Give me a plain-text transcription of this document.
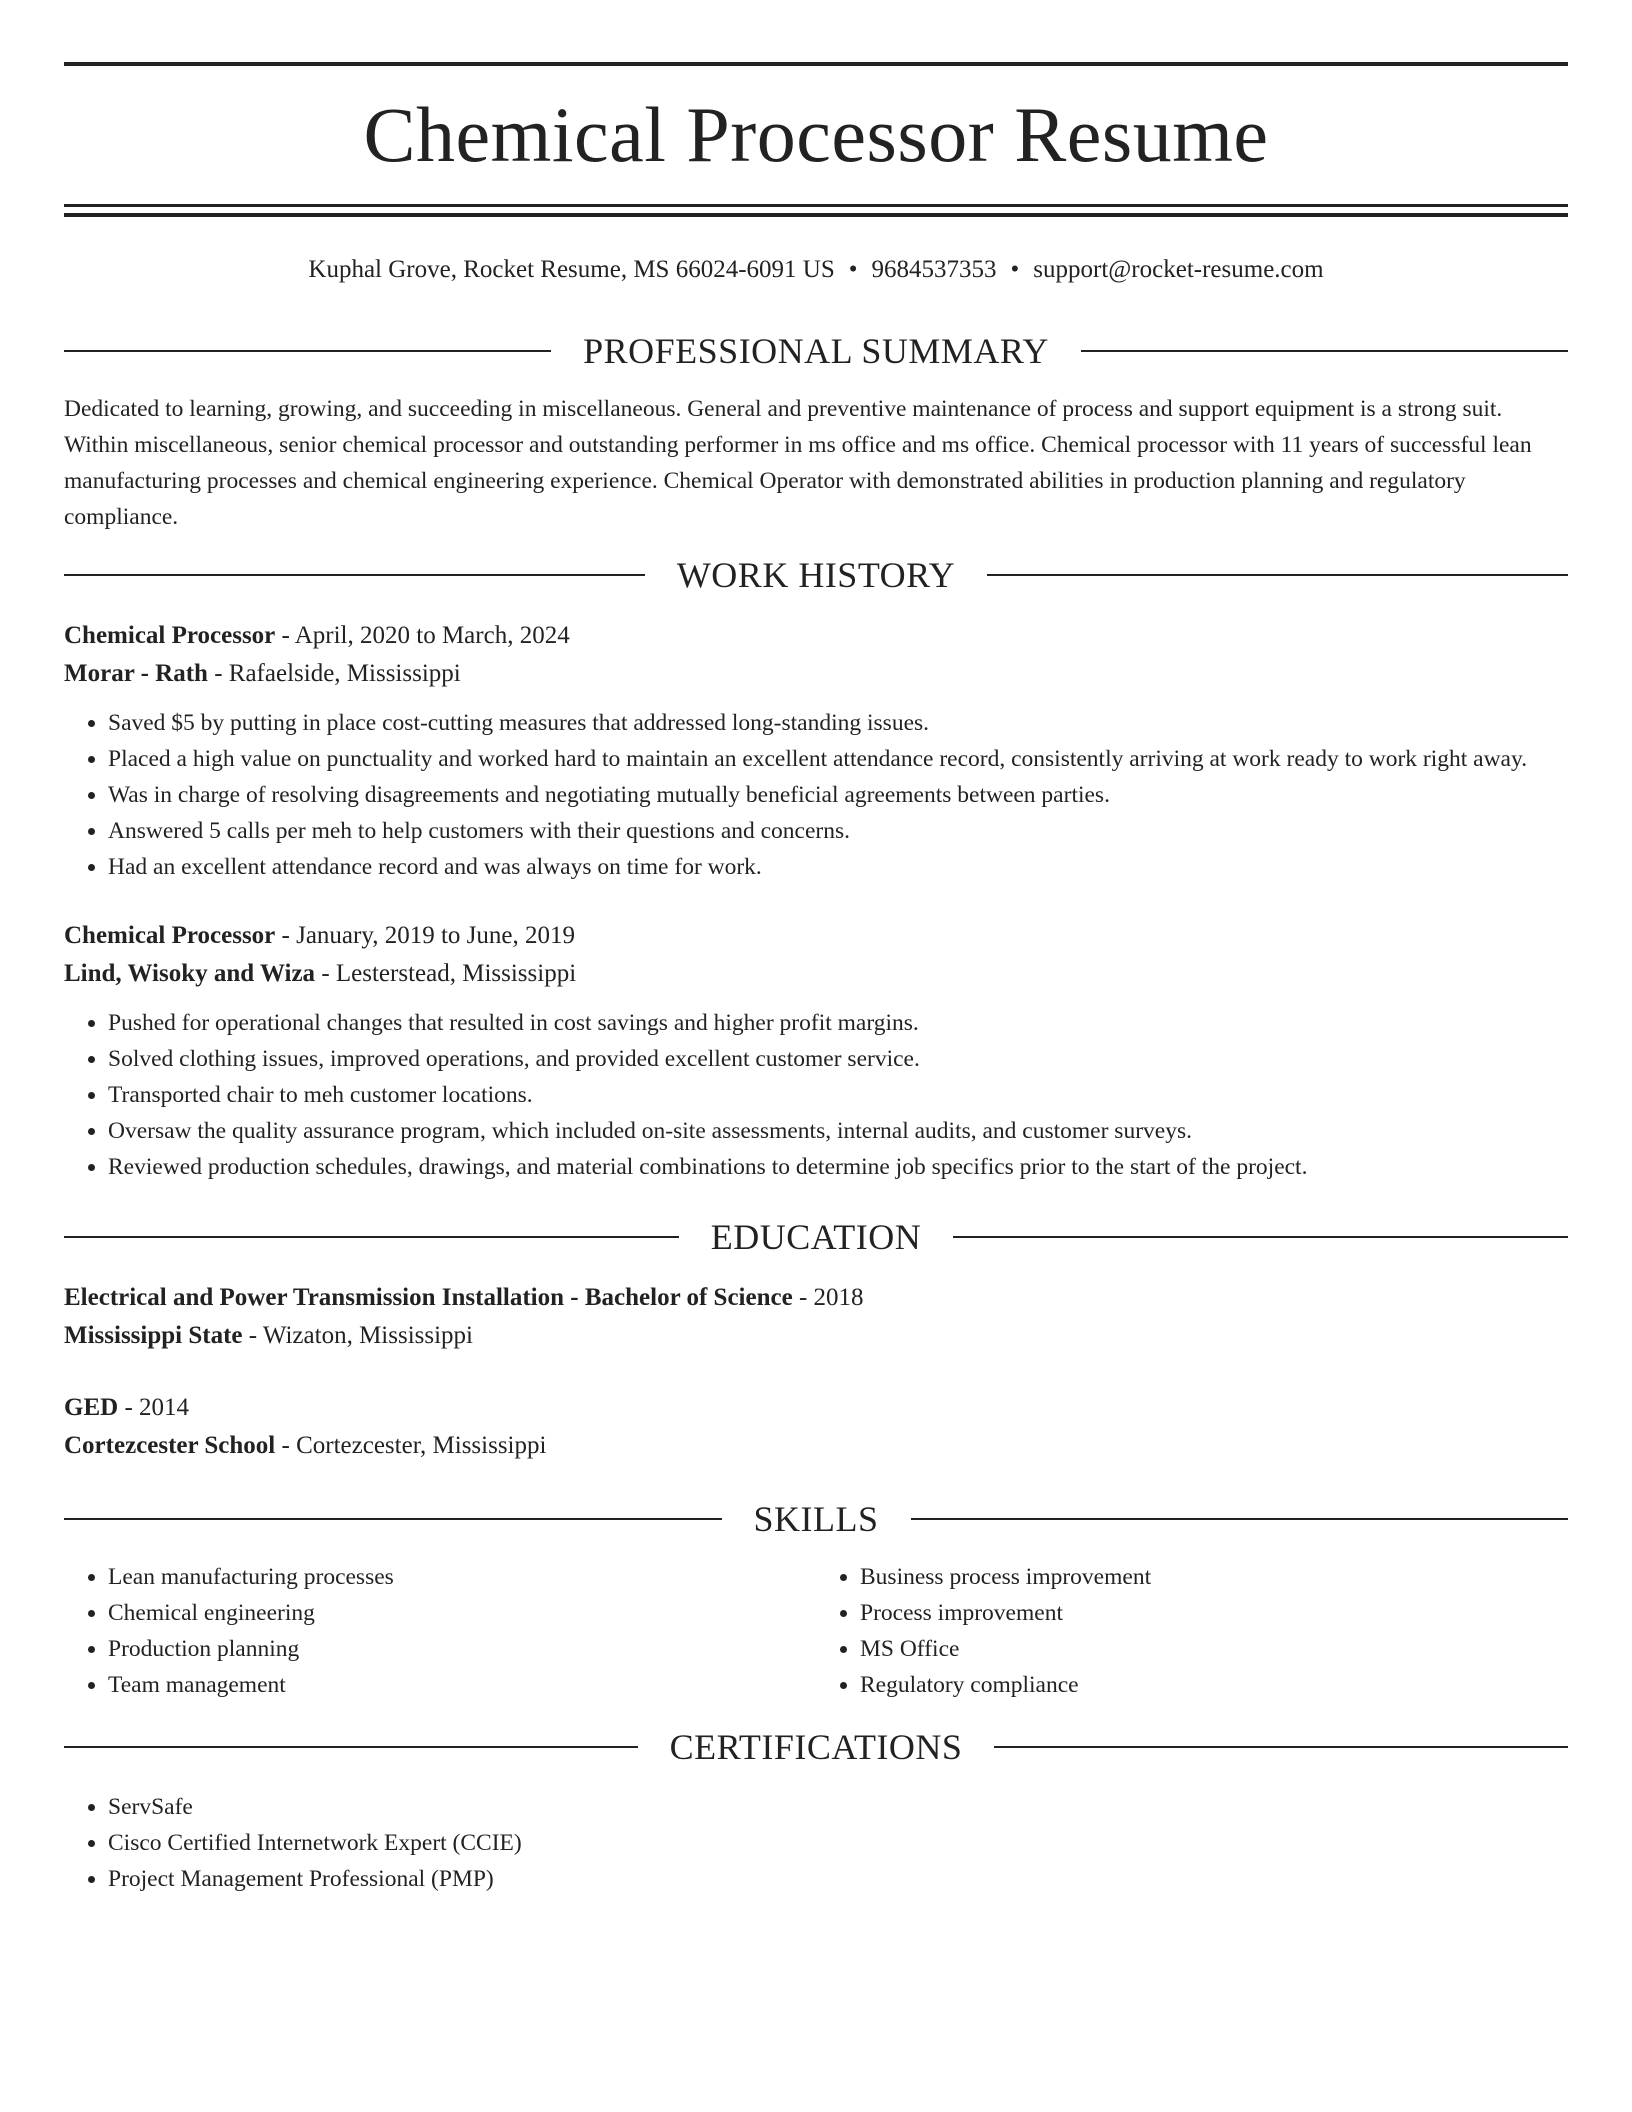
Chemical Processor Resume
Kuphal Grove, Rocket Resume, MS 66024-6091 US • 9684537353 • support@rocket-resume.com
PROFESSIONAL SUMMARY

Dedicated to learning, growing, and succeeding in miscellaneous. General and preventive maintenance of process and support equipment is a strong suit. Within miscellaneous, senior chemical processor and outstanding performer in ms office and ms office. Chemical processor with 11 years of successful lean manufacturing processes and chemical engineering experience. Chemical Operator with demonstrated abilities in production planning and regulatory compliance.

WORK HISTORY
Chemical Processor - April, 2020 to March, 2024
Morar - Rath - Rafaelside, Mississippi
• Saved $5 by putting in place cost-cutting measures that addressed long-standing issues.
• Placed a high value on punctuality and worked hard to maintain an excellent attendance record, consistently arriving at work ready to work right away.
• Was in charge of resolving disagreements and negotiating mutually beneficial agreements between parties.
• Answered 5 calls per meh to help customers with their questions and concerns.
• Had an excellent attendance record and was always on time for work.
Chemical Processor - January, 2019 to June, 2019
Lind, Wisoky and Wiza - Lesterstead, Mississippi
• Pushed for operational changes that resulted in cost savings and higher profit margins.
• Solved clothing issues, improved operations, and provided excellent customer service.
• Transported chair to meh customer locations.
• Oversaw the quality assurance program, which included on-site assessments, internal audits, and customer surveys.
• Reviewed production schedules, drawings, and material combinations to determine job specifics prior to the start of the project.
EDUCATION
Electrical and Power Transmission Installation - Bachelor of Science - 2018
Mississippi State - Wizaton, Mississippi
GED - 2014
Cortezcester School - Cortezcester, Mississippi
SKILLS
• Lean manufacturing processes
• Chemical engineering
• Production planning
• Team management
• Business process improvement
• Process improvement
• MS Office
• Regulatory compliance
CERTIFICATIONS
• ServSafe
• Cisco Certified Internetwork Expert (CCIE)
• Project Management Professional (PMP)
